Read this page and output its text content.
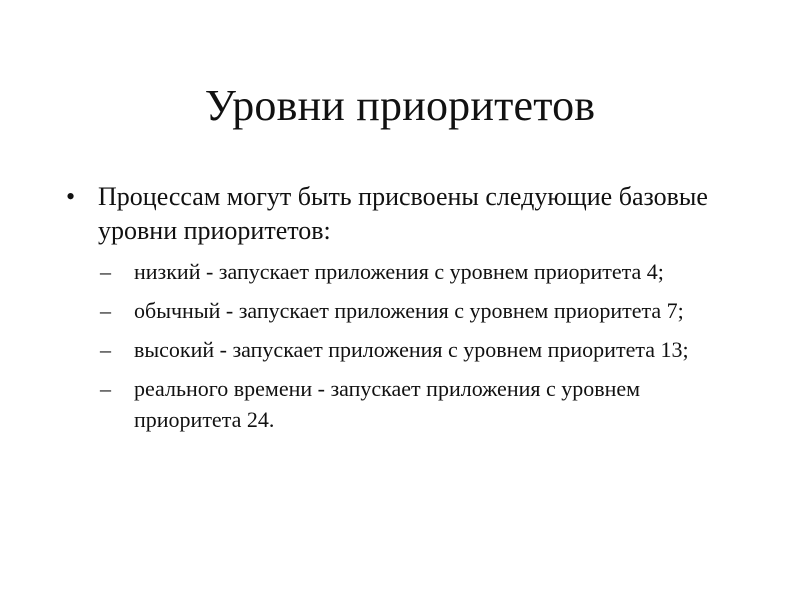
Уровни приоритетов
• Процессам могут быть присвоены следующие базовые уровни приоритетов:
–	низкий - запускает приложения с уровнем приоритета 4;
–	обычный - запускает приложения с уровнем приоритета 7;
–	высокий - запускает приложения с уровнем приоритета 13;
–	реального времени - запускает приложения с уровнем приоритета 24.
